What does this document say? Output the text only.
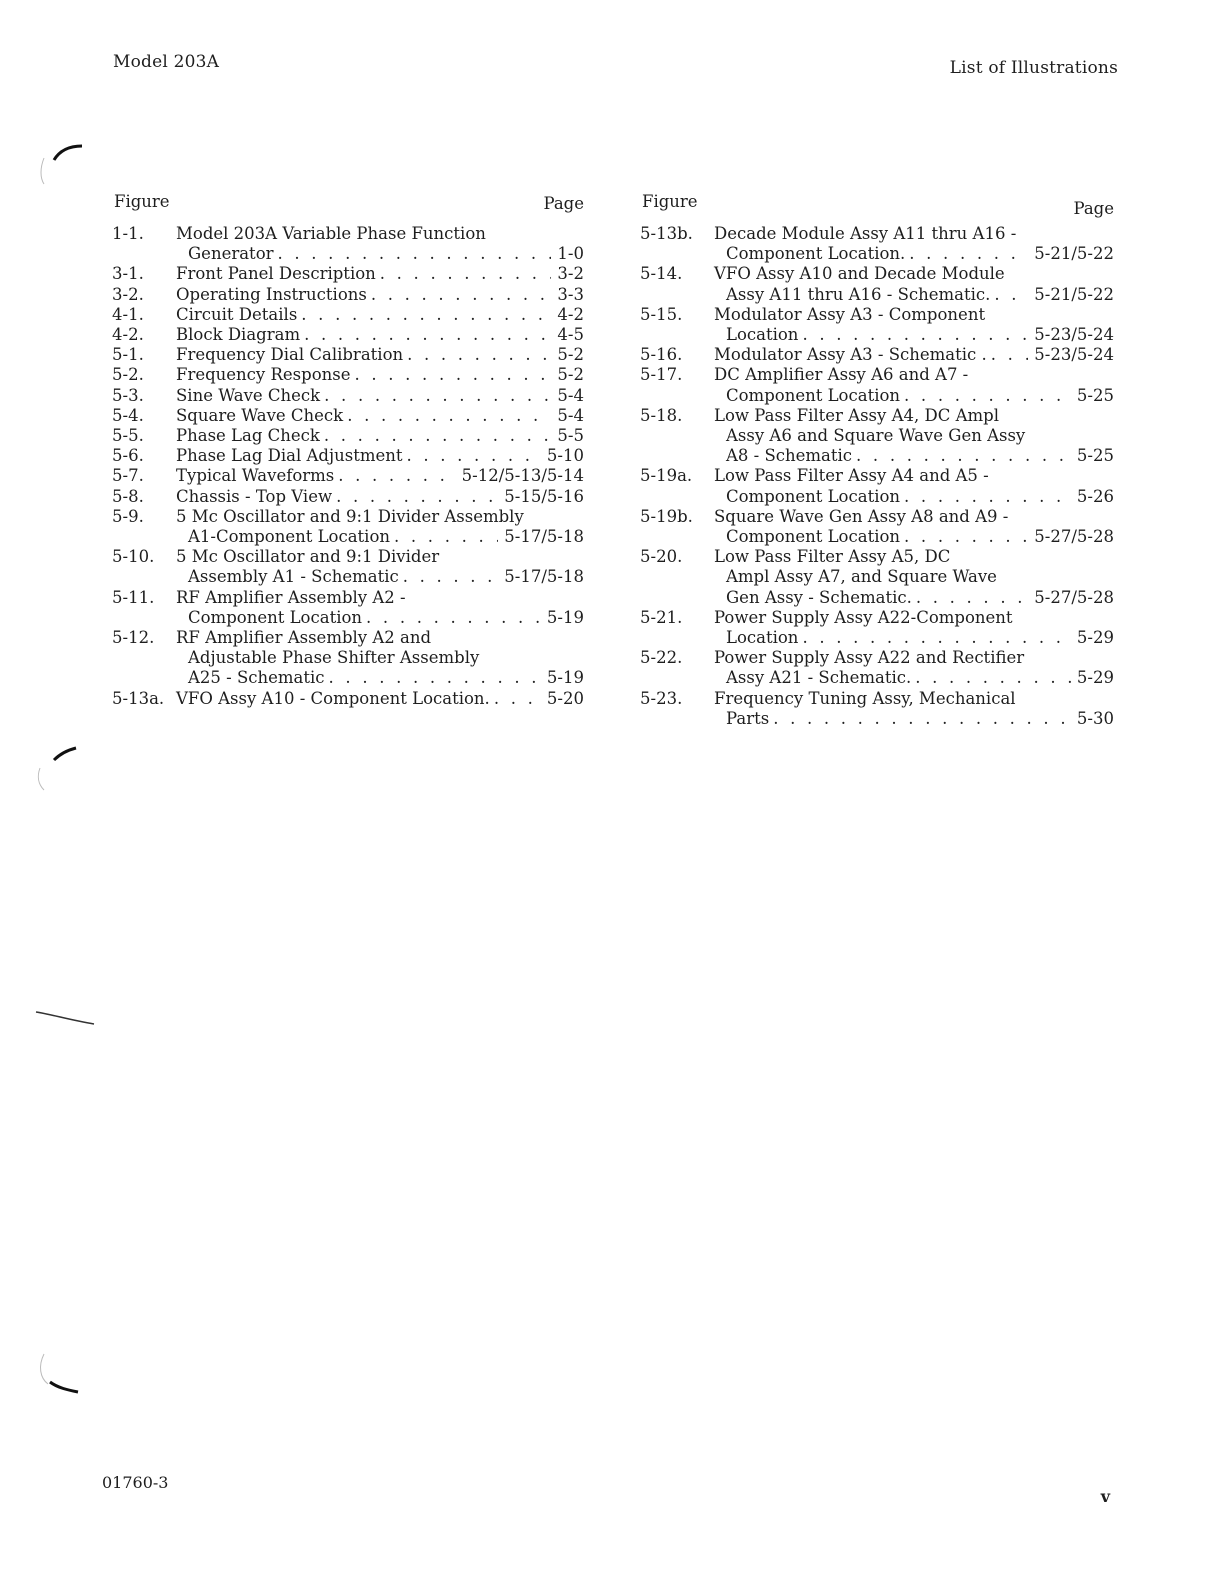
Model 203A	List of Illustrations
Figure	Page
1-1.	Model 203A Variable Phase Function
Generator . . .	1-0
3-1.	Front Panel Description . . .	3-2
3-2.	Operating Instructions . . .	3-3
4-1.	Circuit Details . . .	4-2
4-2.	Block Diagram . . .	4-5
5-1.	Frequency Dial Calibration . . .	5-2
5-2.	Frequency Response . . .	5-2
5-3.	Sine Wave Check . . .	5-4
5-4.	Square Wave Check . . .	5-4
5-5.	Phase Lag Check . . .	5-5
5-6.	Phase Lag Dial Adjustment . . .	5-10
5-7.	Typical Waveforms . . .	5-12/5-13/5-14
5-8.	Chassis - Top View . . .	5-15/5-16
5-9.	5 Mc Oscillator and 9:1 Divider Assembly
A1-Component Location . . .	5-17/5-18
5-10.	5 Mc Oscillator and 9:1 Divider
Assembly A1 - Schematic . . .	5-17/5-18
5-11.	RF Amplifier Assembly A2 -
Component Location . . .	5-19
5-12.	RF Amplifier Assembly A2 and
Adjustable Phase Shifter Assembly
A25 - Schematic . . .	5-19
5-13a. VFO Assy A10 - Component Location. . . .	5-20
Figure	Page
5-13b.	Decade Module Assy A11 thru A16 -
Component Location. . . .	5-21/5-22
5-14.	VFO Assy A10 and Decade Module
Assy A11 thru A16 - Schematic. . . .	5-21/5-22
5-15.	Modulator Assy A3 - Component
Location . . .	5-23/5-24
5-16.	Modulator Assy A3 - Schematic . . . .	5-23/5-24
5-17.	DC Amplifier Assy A6 and A7 -
Component Location . . .	5-25
5-18.	Low Pass Filter Assy A4, DC Ampl
Assy A6 and Square Wave Gen Assy
A8 - Schematic . . .	5-25
5-19a.	Low Pass Filter Assy A4 and A5 -
Component Location . . .	5-26
5-19b.	Square Wave Gen Assy A8 and A9 -
Component Location . . .	5-27/5-28
5-20.	Low Pass Filter Assy A5, DC
Ampl Assy A7, and Square Wave
Gen Assy - Schematic. . . .	5-27/5-28
5-21.	Power Supply Assy A22-Component
Location . . .	5-29
5-22.	Power Supply Assy A22 and Rectifier
Assy A21 - Schematic. . . .	5-29
5-23.	Frequency Tuning Assy, Mechanical
Parts . . .	5-30
01760-3
v
